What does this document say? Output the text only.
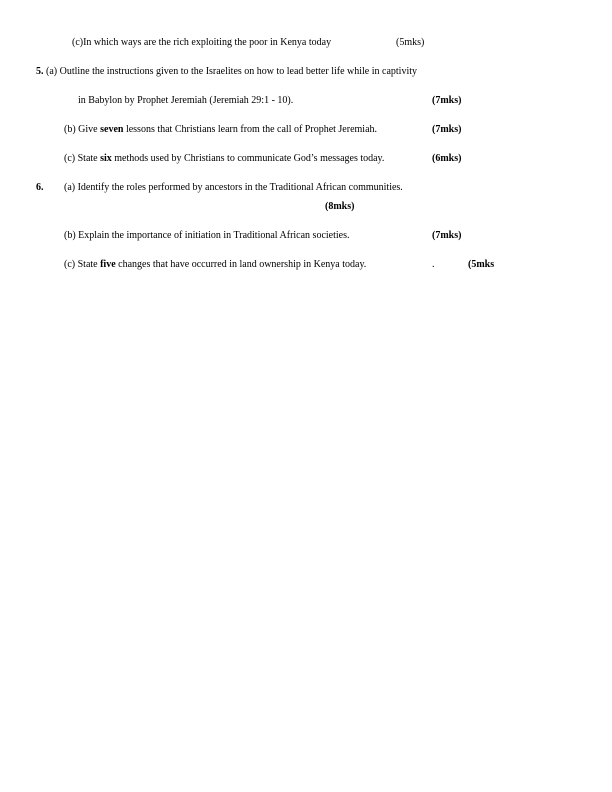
(c)In which ways are the rich exploiting the poor in Kenya today	(5mks)
5. (a) Outline the instructions given to the Israelites on how to lead better life while in captivity
in Babylon by Prophet Jeremiah (Jeremiah 29:1 - 10).	(7mks)
(b) Give seven lessons that Christians learn from the call of Prophet Jeremiah.	(7mks)
(c) State six methods used by Christians to communicate God’s messages today.	(6mks)
6. (a) Identify the roles performed by ancestors in the Traditional African communities.
(8mks)
(b) Explain the importance of initiation in Traditional African societies.	(7mks)
(c) State five changes that have occurred in land ownership in Kenya today.	.	(5mks
